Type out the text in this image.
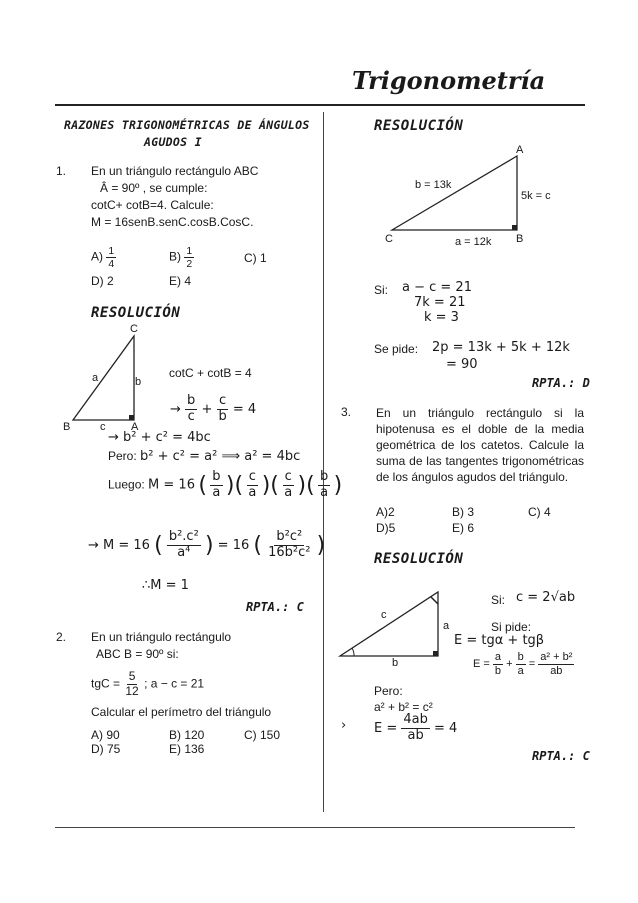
Trigonometría
RAZONES TRIGONOMÉTRICAS DE ÁNGULOS
AGUDOS I
1. En un triángulo rectángulo ABC
Â = 90º , se cumple:
cotC+ cotB=4. Calcule:
M = 16senB.senC.cosB.CosC.
$A) \frac{1}{4}$	$B) \frac{1}{2}$	C) 1
D) 2	E) 4
RESOLUCIÓN
C
a	b
B	c A
cotC + cotB = 4
→ $\frac{b}{c} + \frac{c}{b} = 4$
→ b² + c² = 4bc
Pero: b² + c² = a² ⟹ a² = 4bc
Luego: M = 16 ( $\frac{b}{a}$ )( $\frac{c}{a}$ )( $\frac{c}{a}$ )( $\frac{b}{a}$ )
→ M = 16 ( $\frac{\text{b².c²}}{\text{a⁴}}$ ) = 16 ( $\frac{\text{b²c²}}{\text{16b²c²}}$ )
∴M = 1
RPTA.: C
2. En un triángulo rectángulo
ABC B = 90º si:
tgC = $\frac{5}{12}$ ; a − c = 21
Calcular el perímetro del triángulo
A) 90	B) 120	C) 150
D) 75	E) 136
RESOLUCIÓN
A
b = 13k
5k = c
C	a = 12k B
Si: a − c = 21
7k = 21
k = 3
Se pide: 2p = 13k + 5k + 12k
= 90
RPTA.: D
3. En un triángulo rectángulo si la hipotenusa es el doble de la media geométrica de los catetos. Calcule la suma de las tangentes trigonométricas de los ángulos agudos del triángulo.
A)2	B) 3	C) 4
D)5	E) 6
RESOLUCIÓN
c
a
b
Si: c = 2√ab
Si pide:
E = tgα + tgβ
$E = \frac{a}{b} + \frac{b}{a} = \frac{\text{a² + b²}}{ab}$
Pero:
a² + b² = c²
› $E = \frac{4ab}{ab} = 4$
RPTA.: C
